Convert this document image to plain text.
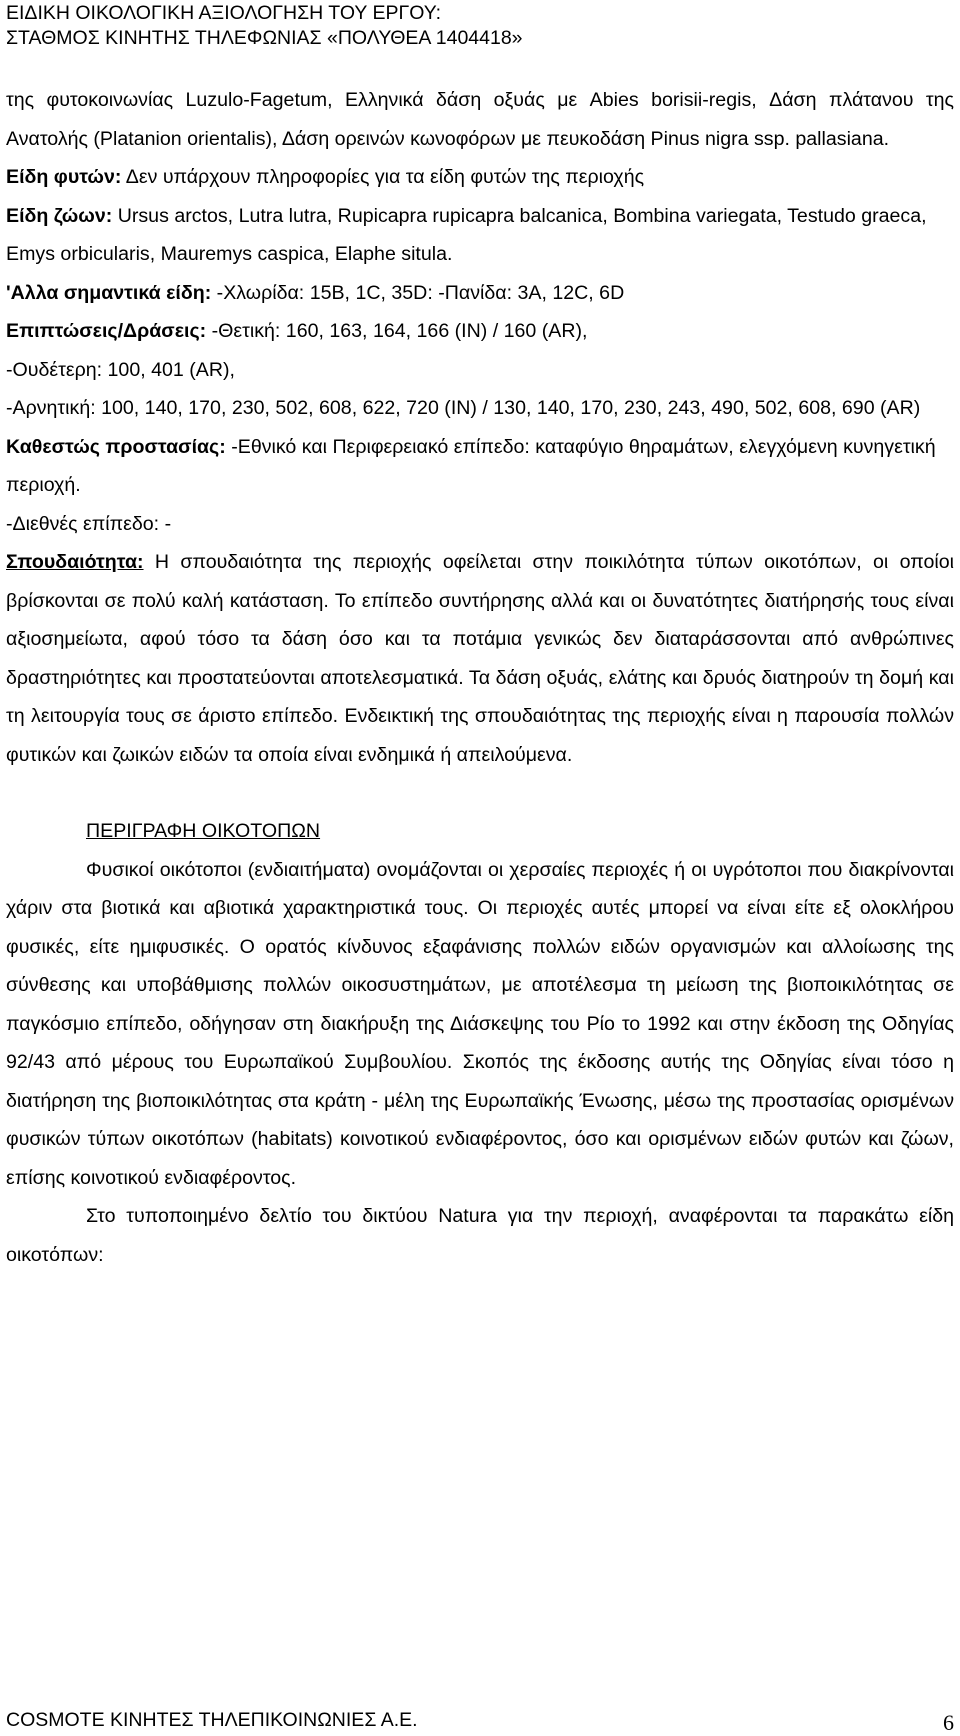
ΕΙΔΙΚΗ ΟΙΚΟΛΟΓΙΚΗ ΑΞΙΟΛΟΓΗΣΗ ΤΟΥ ΕΡΓΟΥ:
ΣΤΑΘΜΟΣ ΚΙΝΗΤΗΣ ΤΗΛΕΦΩΝΙΑΣ «ΠΟΛΥΘΕΑ 1404418»

της φυτοκοινωνίας Luzulo-Fagetum, Ελληνικά δάση οξυάς με Abies borisii-regis, Δάση πλάτανου της Ανατολής (Platanion orientalis), Δάση ορεινών κωνοφόρων με πευκοδάση Pinus nigra ssp. pallasiana.

Είδη φυτών: Δεν υπάρχουν πληροφορίες για τα είδη φυτών της περιοχής

Είδη ζώων: Ursus arctos, Lutra lutra, Rupicapra rupicapra balcanica, Bombina variegata, Testudo graeca, Emys orbicularis, Mauremys caspica, Elaphe situla.

'Αλλα σημαντικά είδη: -Χλωρίδα: 15B, 1C, 35D: -Πανίδα: 3A, 12C, 6D

Επιπτώσεις/Δράσεις: -Θετική: 160, 163, 164, 166 (IN) / 160 (AR),

-Ουδέτερη: 100, 401 (AR),

-Αρνητική: 100, 140, 170, 230, 502, 608, 622, 720 (IN) / 130, 140, 170, 230, 243, 490, 502, 608, 690 (AR)

Καθεστώς προστασίας: -Εθνικό και Περιφερειακό επίπεδο: καταφύγιο θηραμάτων, ελεγχόμενη κυνηγετική περιοχή.

-Διεθνές επίπεδο: -

Σπουδαιότητα: Η σπουδαιότητα της περιοχής οφείλεται στην ποικιλότητα τύπων οικοτόπων, οι οποίοι βρίσκονται σε πολύ καλή κατάσταση. Το επίπεδο συντήρησης αλλά και οι δυνατότητες διατήρησής τους είναι αξιοσημείωτα, αφού τόσο τα δάση όσο και τα ποτάμια γενικώς δεν διαταράσσονται από ανθρώπινες δραστηριότητες και προστατεύονται αποτελεσματικά. Τα δάση οξυάς, ελάτης και δρυός διατηρούν τη δομή και τη λειτουργία τους σε άριστο επίπεδο. Ενδεικτική της σπουδαιότητας της περιοχής είναι η παρουσία πολλών φυτικών και ζωικών ειδών τα οποία είναι ενδημικά ή απειλούμενα.

ΠΕΡΙΓΡΑΦΗ ΟΙΚΟΤΟΠΩΝ

Φυσικοί οικότοποι (ενδιαιτήματα) ονομάζονται οι χερσαίες περιοχές ή οι υγρότοποι που διακρίνονται χάριν στα βιοτικά και αβιοτικά χαρακτηριστικά τους. Οι περιοχές αυτές μπορεί να είναι είτε εξ ολοκλήρου φυσικές, είτε ημιφυσικές. Ο ορατός κίνδυνος εξαφάνισης πολλών ειδών οργανισμών και αλλοίωσης της σύνθεσης και υποβάθμισης πολλών οικοσυστημάτων, με αποτέλεσμα τη μείωση της βιοποικιλότητας σε παγκόσμιο επίπεδο, οδήγησαν στη διακήρυξη της Διάσκεψης του Ρίο το 1992 και στην έκδοση της Οδηγίας 92/43 από μέρους του Ευρωπαϊκού Συμβουλίου. Σκοπός της έκδοσης αυτής της Οδηγίας είναι τόσο η διατήρηση της βιοποικιλότητας στα κράτη - μέλη της Ευρωπαϊκής Ένωσης, μέσω της προστασίας ορισμένων φυσικών τύπων οικοτόπων (habitats) κοινοτικού ενδιαφέροντος, όσο και ορισμένων ειδών φυτών και ζώων, επίσης κοινοτικού ενδιαφέροντος.

Στο τυποποιημένο δελτίο του δικτύου Natura για την περιοχή, αναφέρονται τα παρακάτω είδη οικοτόπων:

COSMOTE ΚΙΝΗΤΕΣ ΤΗΛΕΠΙΚΟΙΝΩΝΙΕΣ Α.Ε.	6
